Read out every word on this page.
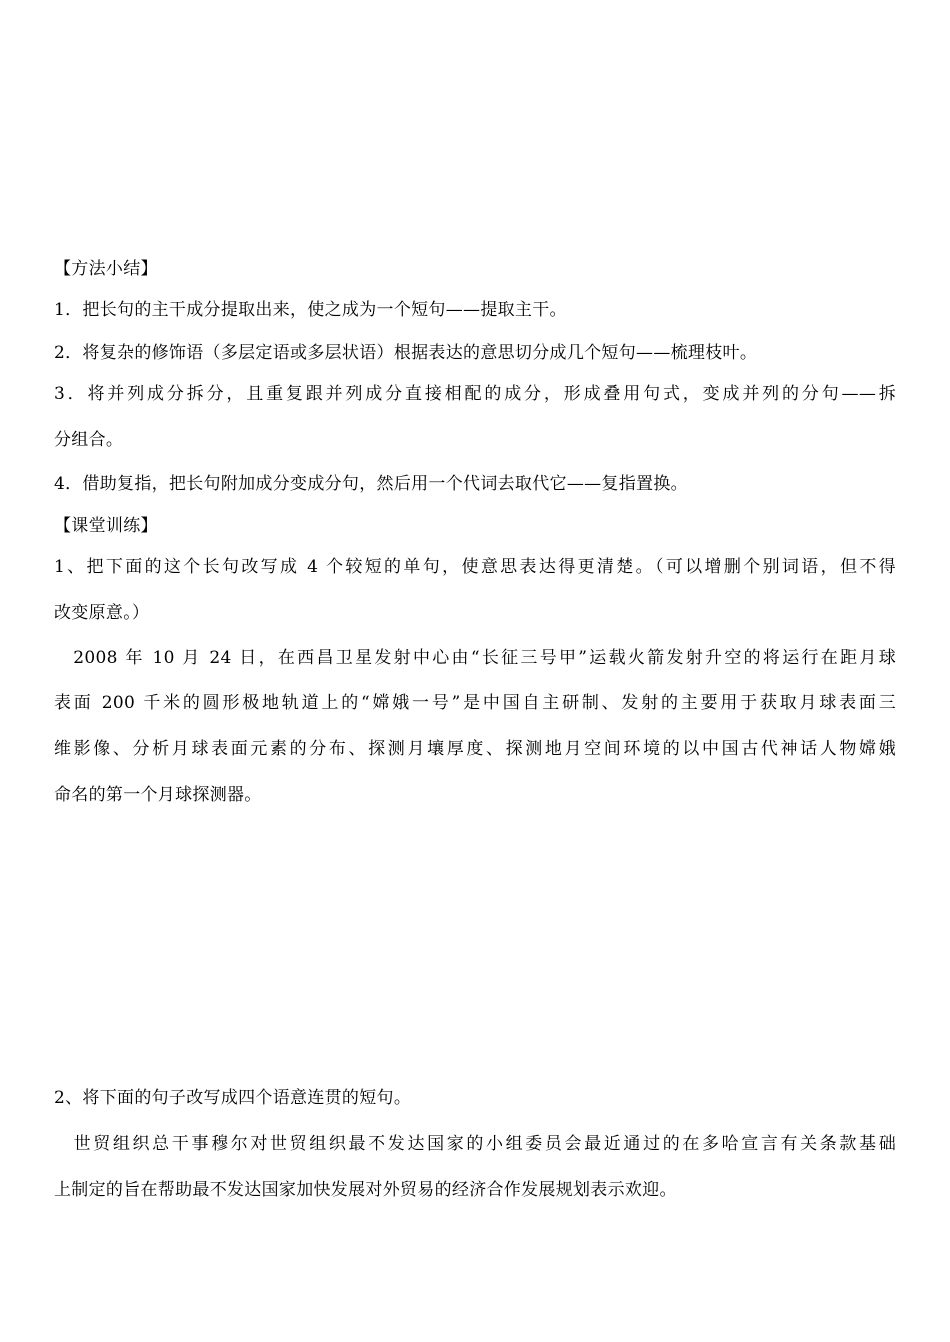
【方法小结】
1．把长句的主干成分提取出来，使之成为一个短句——提取主干。
2．将复杂的修饰语（多层定语或多层状语）根据表达的意思切分成几个短句——梳理枝叶。
3．将并列成分拆分，且重复跟并列成分直接相配的成分，形成叠用句式，变成并列的分句——拆
分组合。
4．借助复指，把长句附加成分变成分句，然后用一个代词去取代它——复指置换。
【课堂训练】
1、把下面的这个长句改写成 4 个较短的单句，使意思表达得更清楚。（可以增删个别词语，但不得
改变原意。）
　2008 年 10 月 24 日，在西昌卫星发射中心由“长征三号甲”运载火箭发射升空的将运行在距月球
表面 200 千米的圆形极地轨道上的“嫦娥一号”是中国自主研制、发射的主要用于获取月球表面三
维影像、分析月球表面元素的分布、探测月壤厚度、探测地月空间环境的以中国古代神话人物嫦娥
命名的第一个月球探测器。
2、将下面的句子改写成四个语意连贯的短句。
　世贸组织总干事穆尔对世贸组织最不发达国家的小组委员会最近通过的在多哈宣言有关条款基础
上制定的旨在帮助最不发达国家加快发展对外贸易的经济合作发展规划表示欢迎。
